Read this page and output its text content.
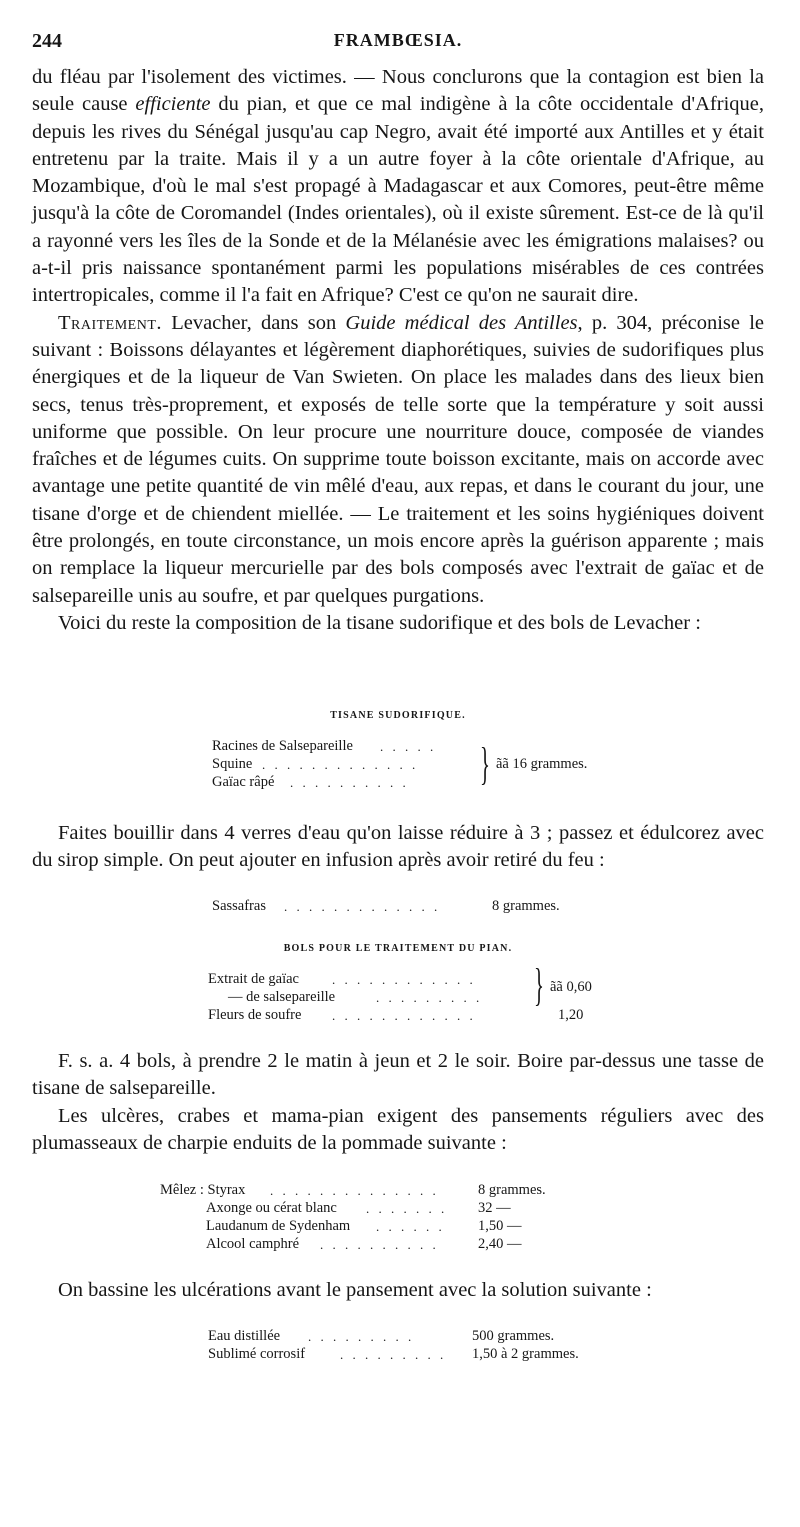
244	FRAMBŒSIA.

du fléau par l'isolement des victimes. — Nous conclurons que la contagion est bien la seule cause efficiente du pian, et que ce mal indigène à la côte occidentale d'Afrique, depuis les rives du Sénégal jusqu'au cap Negro, avait été importé aux Antilles et y était entretenu par la traite. Mais il y a un autre foyer à la côte orientale d'Afrique, au Mozambique, d'où le mal s'est propagé à Madagascar et aux Comores, peut-être même jusqu'à la côte de Coromandel (Indes orientales), où il existe sûrement. Est-ce de là qu'il a rayonné vers les îles de la Sonde et de la Mélanésie avec les émigrations malaises? ou a-t-il pris naissance spontanément parmi les populations misérables de ces contrées intertropicales, comme il l'a fait en Afrique? C'est ce qu'on ne saurait dire.

Traitement. Levacher, dans son Guide médical des Antilles, p. 304, préconise le suivant : Boissons délayantes et légèrement diaphorétiques, suivies de sudorifiques plus énergiques et de la liqueur de Van Swieten. On place les malades dans des lieux bien secs, tenus très-proprement, et exposés de telle sorte que la température y soit aussi uniforme que possible. On leur procure une nourriture douce, composée de viandes fraîches et de légumes cuits. On supprime toute boisson excitante, mais on accorde avec avantage une petite quantité de vin mêlé d'eau, aux repas, et dans le courant du jour, une tisane d'orge et de chiendent miellée. — Le traitement et les soins hygiéniques doivent être prolongés, en toute circonstance, un mois encore après la guérison apparente ; mais on remplace la liqueur mercurielle par des bols composés avec l'extrait de gaïac et de salsepareille unis au soufre, et par quelques purgations.

Voici du reste la composition de la tisane sudorifique et des bols de Levacher :

TISANE SUDORIFIQUE.
Racines de Salsepareille . . . . .
Squine . . . . . . . . . . . . .
Gaïac râpé . . . . . . . . . . } ãã 16 grammes.

Faites bouillir dans 4 verres d'eau qu'on laisse réduire à 3 ; passez et édulcorez avec du sirop simple. On peut ajouter en infusion après avoir retiré du feu :

Sassafras . . . . . . . . . . . . .	8 grammes.
BOLS POUR LE TRAITEMENT DU PIAN.
Extrait de gaïac	. . . . . . . . . . . .
— de salsepareille	. . . . . . . . .
Fleurs de soufre . . . . . . . . . . . .	1,20
} ãã 0,60

F. s. a. 4 bols, à prendre 2 le matin à jeun et 2 le soir. Boire par-dessus une tasse de tisane de salsepareille.

Les ulcères, crabes et mama-pian exigent des pansements réguliers avec des plumasseaux de charpie enduits de la pommade suivante :

Mêlez : Styrax . . . . . . . . . . . . . .	8 grammes.
Axonge ou cérat blanc . . . . . . . 32 —
Laudanum de Sydenham . . . . . . 1,50 —
Alcool camphré . . . . . . . . . .	2,40 —

On bassine les ulcérations avant le pansement avec la solution suivante :

Eau distillée . . . . . . . . .	500 grammes.
Sublimé corrosif	. . . . . . . . . 1,50 à 2 grammes.
